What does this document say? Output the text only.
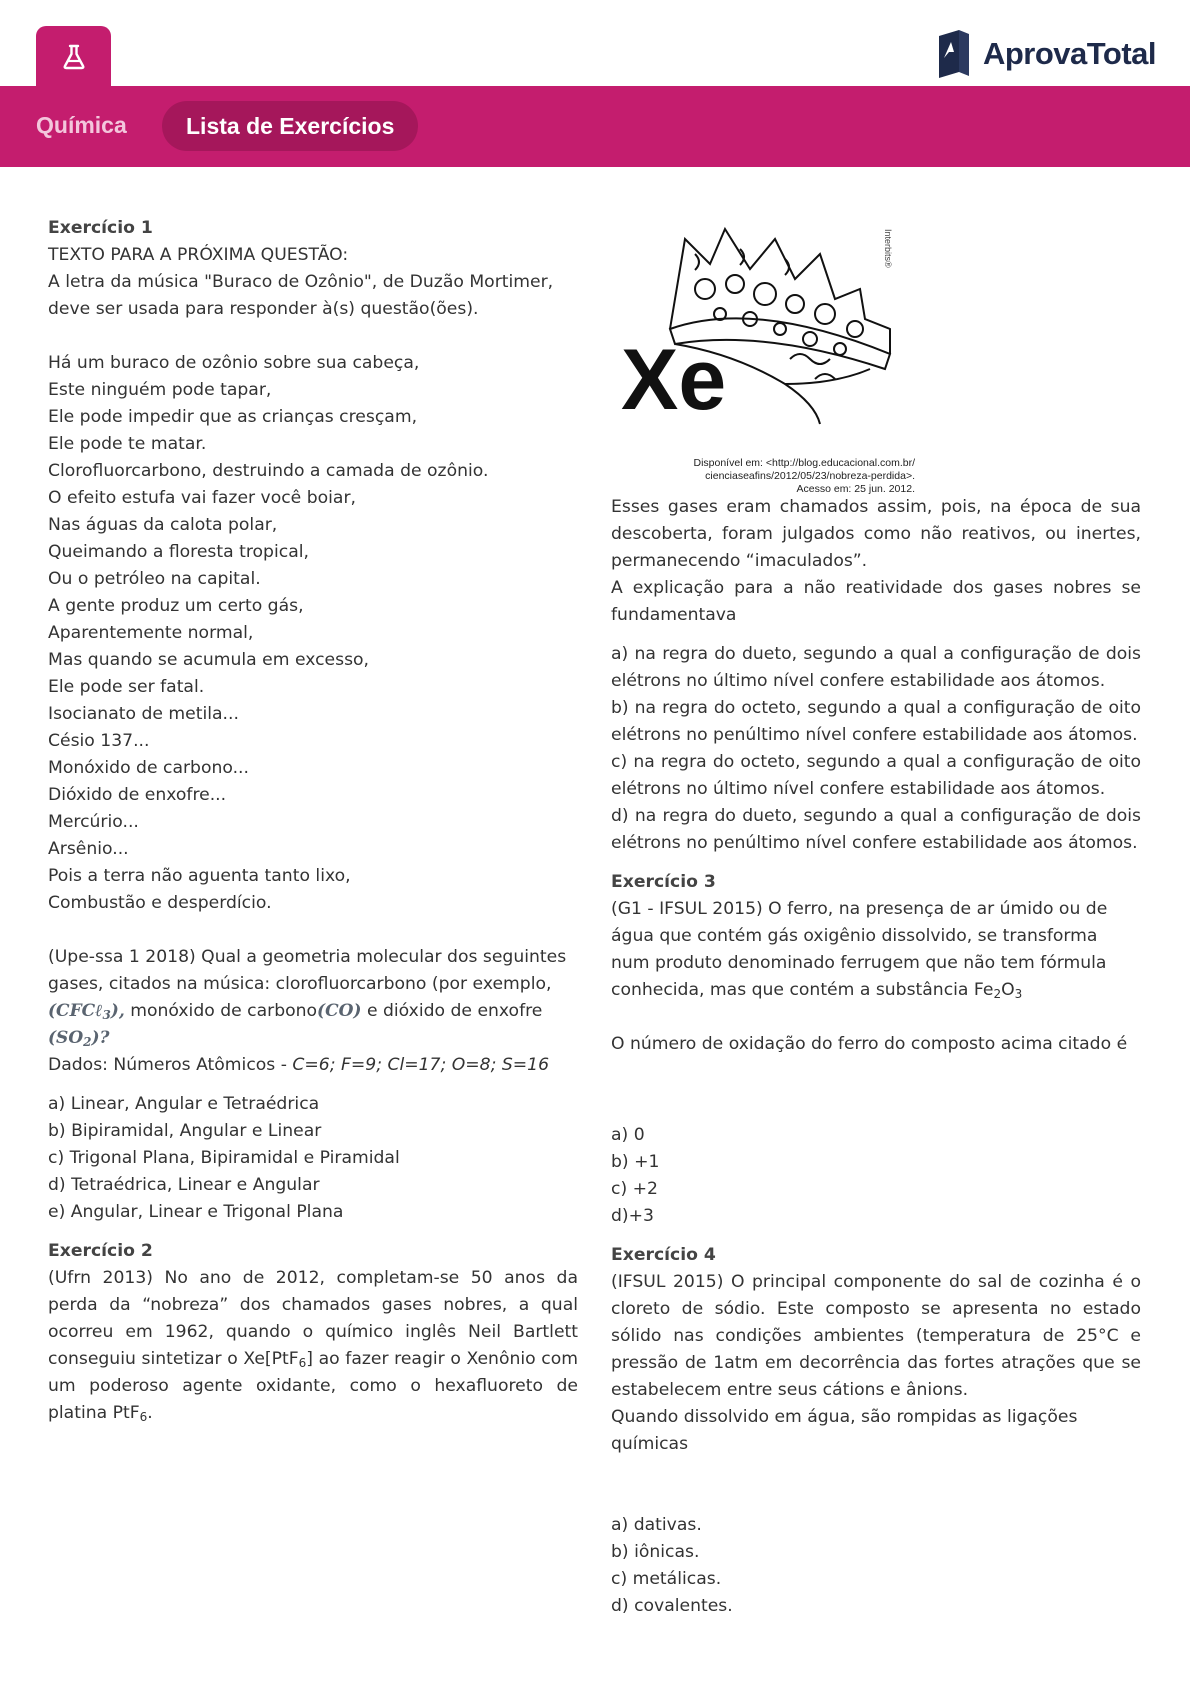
AprovaTotal
Química	Lista de Exercícios

Exercício 1

TEXTO PARA A PRÓXIMA QUESTÃO:

A letra da música "Buraco de Ozônio", de Duzão Mortimer, deve ser usada para responder à(s) questão(ões).

Há um buraco de ozônio sobre sua cabeça,

Este ninguém pode tapar,

Ele pode impedir que as crianças cresçam,

Ele pode te matar.

Clorofluorcarbono, destruindo a camada de ozônio.

O efeito estufa vai fazer você boiar,

Nas águas da calota polar,

Queimando a floresta tropical,

Ou o petróleo na capital.

A gente produz um certo gás,

Aparentemente normal,

Mas quando se acumula em excesso,

Ele pode ser fatal.

Isocianato de metila...

Césio 137...

Monóxido de carbono...

Dióxido de enxofre...

Mercúrio...

Arsênio...

Pois a terra não aguenta tanto lixo,

Combustão e desperdício.

(Upe-ssa 1 2018) Qual a geometria molecular dos seguintes

gases, citados na música: clorofluorcarbono (por exemplo,

(CFCℓ$_3$), monóxido de carbono(CO) e dióxido de enxofre $(SO_2)$?

Dados: Números Atômicos - C=6; F=9; Cl=17; O=8; S=16

a) Linear, Angular e Tetraédrica

b) Bipiramidal, Angular e Linear

c) Trigonal Plana, Bipiramidal e Piramidal

d) Tetraédrica, Linear e Angular

e) Angular, Linear e Trigonal Plana

Exercício 2

(Ufrn 2013) No ano de 2012, completam-se 50 anos da perda da “nobreza” dos chamados gases nobres, a qual ocorreu em 1962, quando o químico inglês Neil Bartlett conseguiu sintetizar o Xe[PtF$_6$] ao fazer reagir o Xenônio com um poderoso agente oxidante, como o hexafluoreto de platina PtF$_6$.

Xe
Interbits®
Disponível em: <http://blog.educacional.com.br/
cienciaseafins/2012/05/23/nobreza-perdida>.
Acesso em: 25 jun. 2012.

Esses gases eram chamados assim, pois, na época de sua descoberta, foram julgados como não reativos, ou inertes, permanecendo “imaculados”.

A explicação para a não reatividade dos gases nobres se fundamentava

a) na regra do dueto, segundo a qual a configuração de dois elétrons no último nível confere estabilidade aos átomos.

b) na regra do octeto, segundo a qual a configuração de oito elétrons no penúltimo nível confere estabilidade aos átomos.

c) na regra do octeto, segundo a qual a configuração de oito elétrons no último nível confere estabilidade aos átomos.

d) na regra do dueto, segundo a qual a configuração de dois elétrons no penúltimo nível confere estabilidade aos átomos.

Exercício 3

(G1 - IFSUL 2015) O ferro, na presença de ar úmido ou de água que contém gás oxigênio dissolvido, se transforma num produto denominado ferrugem que não tem fórmula conhecida, mas que contém a substância $Fe_2O_3$

O número de oxidação do ferro do composto acima citado é

a) 0

b) +1

c) +2

d)+3

Exercício 4

(IFSUL 2015) O principal componente do sal de cozinha é o cloreto de sódio. Este composto se apresenta no estado sólido nas condições ambientes (temperatura de 25°C e pressão de 1atm em decorrência das fortes atrações que se estabelecem entre seus cátions e ânions.

Quando dissolvido em água, são rompidas as ligações químicas

a) dativas.

b) iônicas.

c) metálicas.

d) covalentes.
